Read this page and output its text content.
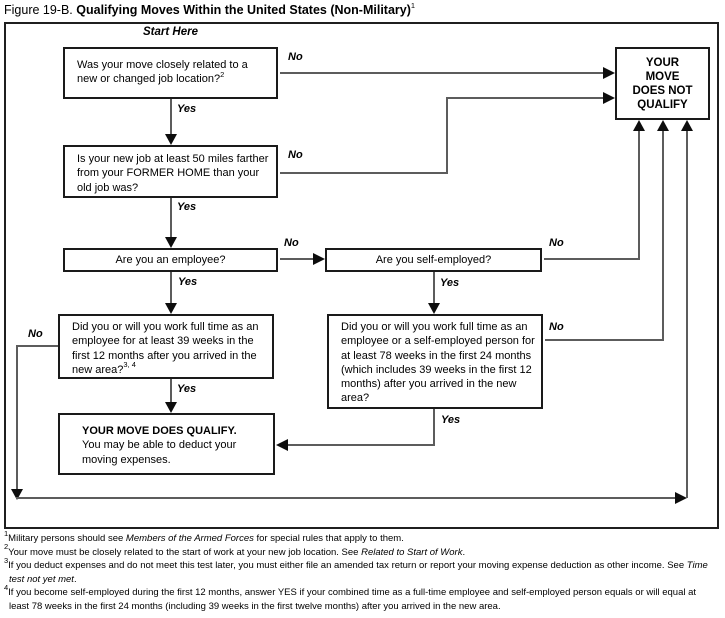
Figure 19-B. Qualifying Moves Within the United States (Non-Military)$^1$
Start Here
Was your move closely related to a new or changed job location?$^2$
Is your new job at least 50 miles farther from your FORMER HOME than your old job was?
Are you an employee?	Are you self-employed?
Did you or will you work full time as an employee for at least 39 weeks in the first 12 months after you arrived in the new area?$^{3, 4}$
Did you or will you work full time as an employee or a self-employed person for at least 78 weeks in the first 24 months (which includes 39 weeks in the first 12 months) after you arrived in the new area?
YOUR MOVE DOES QUALIFY.
You may be able to deduct your moving expenses.
YOUR
MOVE
DOES NOT
QUALIFY
No
Yes
No
Yes
No
Yes
No
Yes
No
No
Yes
Yes
$^1$Military persons should see Members of the Armed Forces for special rules that apply to them.
$^2$Your move must be closely related to the start of work at your new job location. See Related to Start of Work.
$^3$If you deduct expenses and do not meet this test later, you must either file an amended tax return or report your moving expense deduction as other income. See Time test not yet met.
$^4$If you become self-employed during the first 12 months, answer YES if your combined time as a full-time employee and self-employed person equals or will equal at least 78 weeks in the first 24 months (including 39 weeks in the first twelve months) after you arrived in the new area.
